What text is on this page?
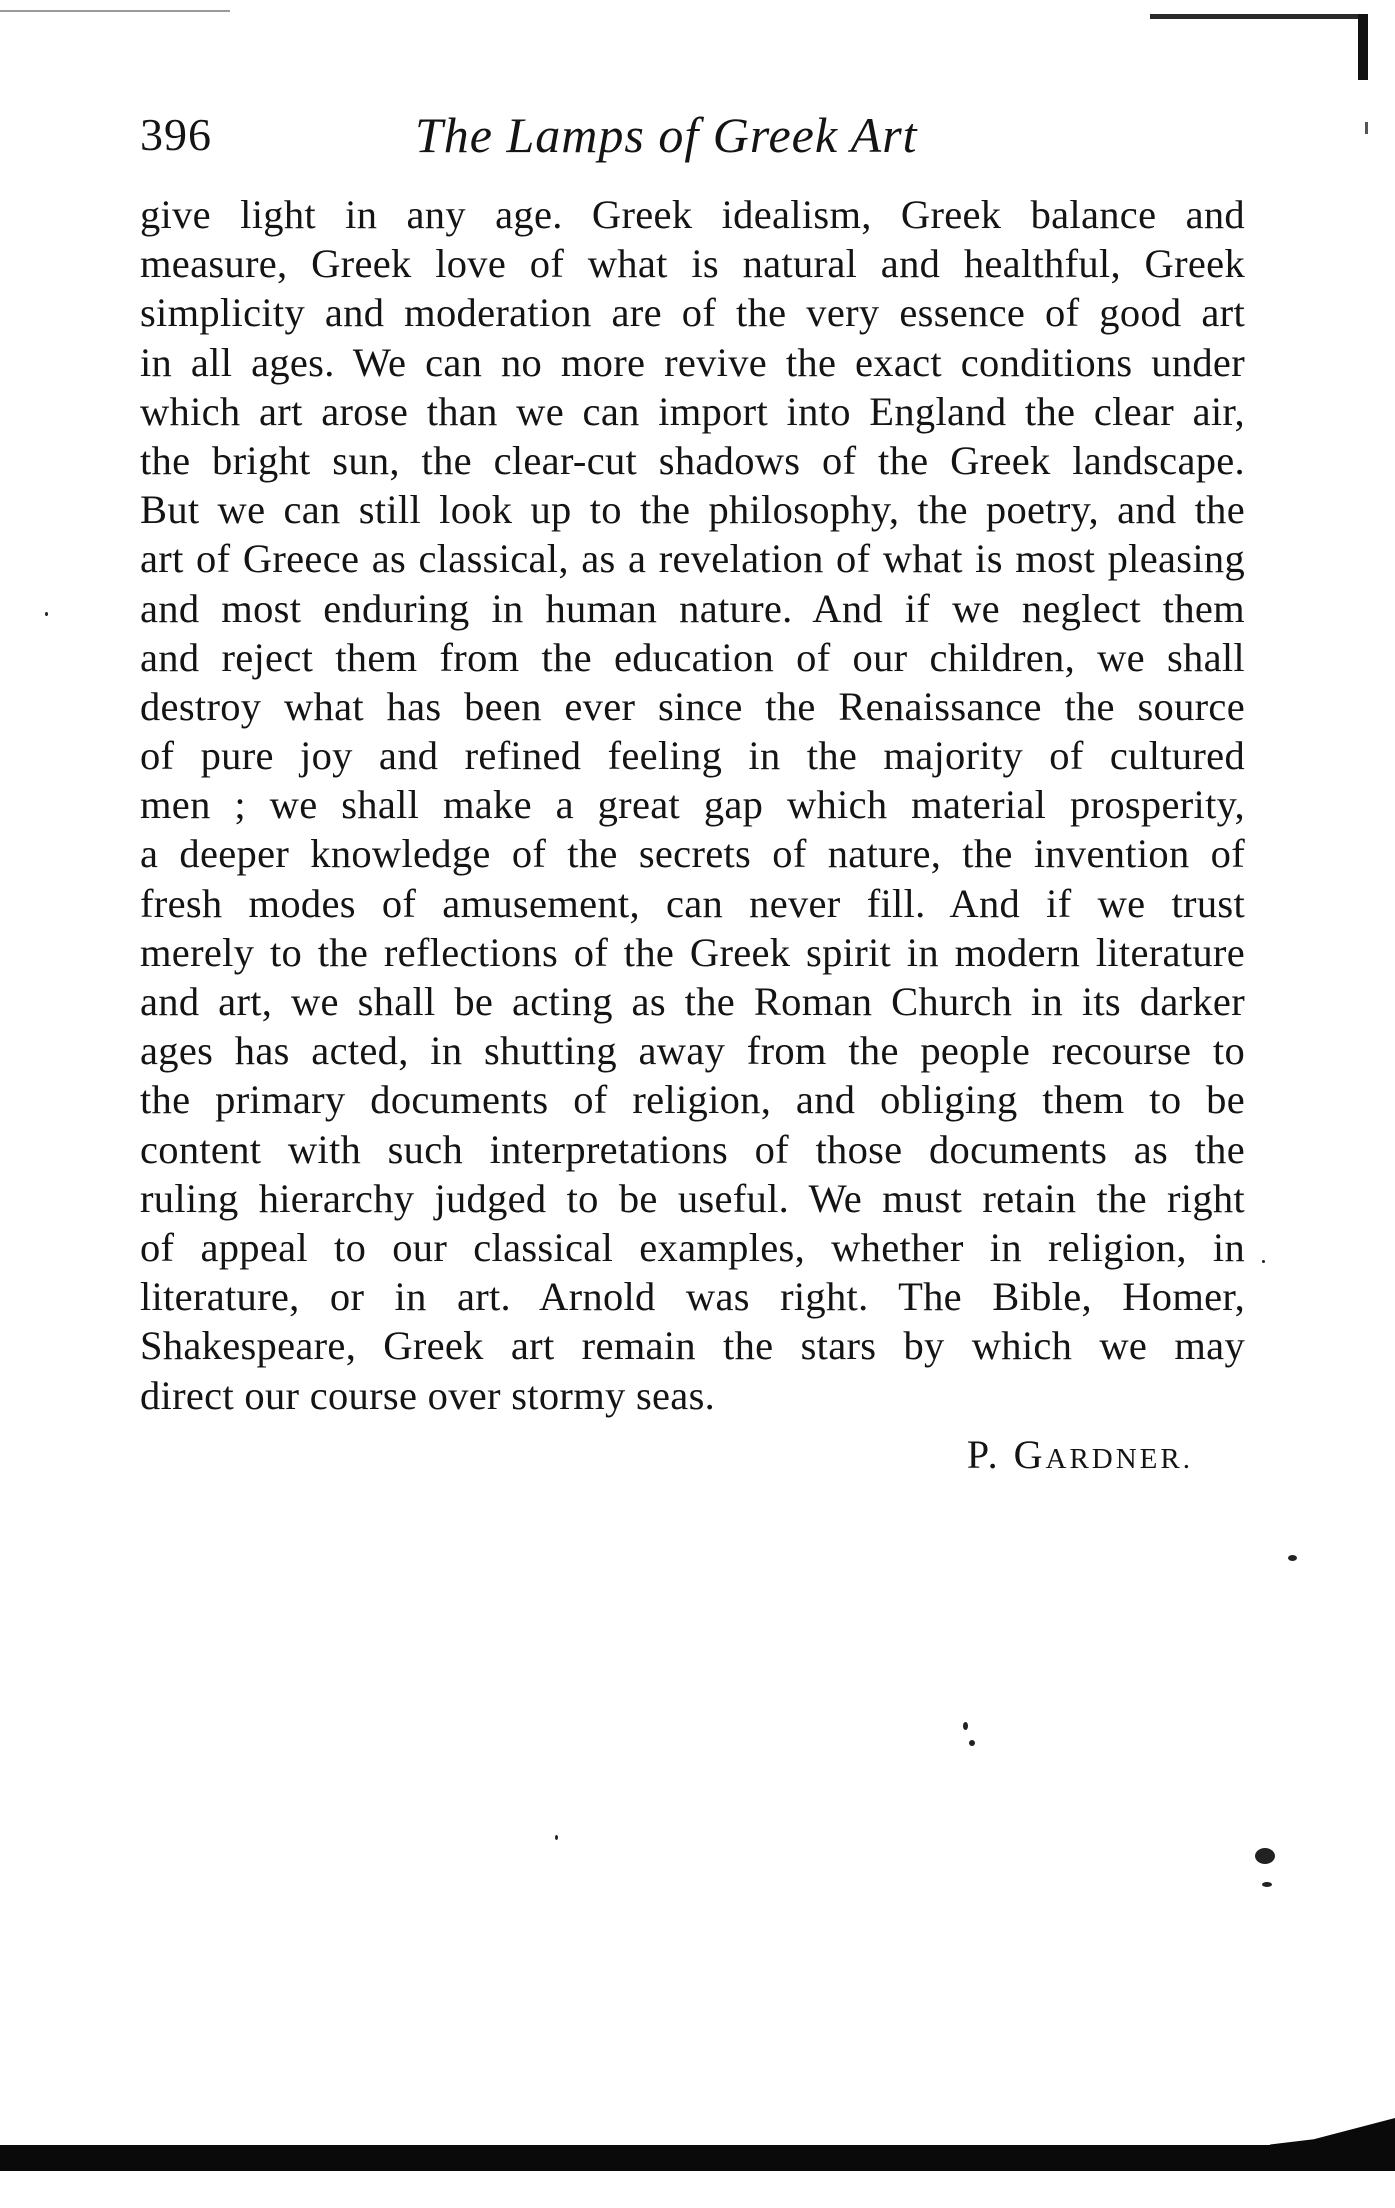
396	The Lamps of Greek Art
give light in any age. Greek idealism, Greek balance and
measure, Greek love of what is natural and healthful, Greek
simplicity and moderation are of the very essence of good art
in all ages. We can no more revive the exact conditions under
which art arose than we can import into England the clear air,
the bright sun, the clear-cut shadows of the Greek landscape.
But we can still look up to the philosophy, the poetry, and the
art of Greece as classical, as a revelation of what is most pleasing
and most enduring in human nature. And if we neglect them
and reject them from the education of our children, we shall
destroy what has been ever since the Renaissance the source
of pure joy and refined feeling in the majority of cultured
men ; we shall make a great gap which material prosperity,
a deeper knowledge of the secrets of nature, the invention of
fresh modes of amusement, can never fill. And if we trust
merely to the reflections of the Greek spirit in modern literature
and art, we shall be acting as the Roman Church in its darker
ages has acted, in shutting away from the people recourse to
the primary documents of religion, and obliging them to be
content with such interpretations of those documents as the
ruling hierarchy judged to be useful. We must retain the right
of appeal to our classical examples, whether in religion, in
literature, or in art. Arnold was right. The Bible, Homer,
Shakespeare, Greek art remain the stars by which we may
direct our course over stormy seas.
P. GARDNER.
